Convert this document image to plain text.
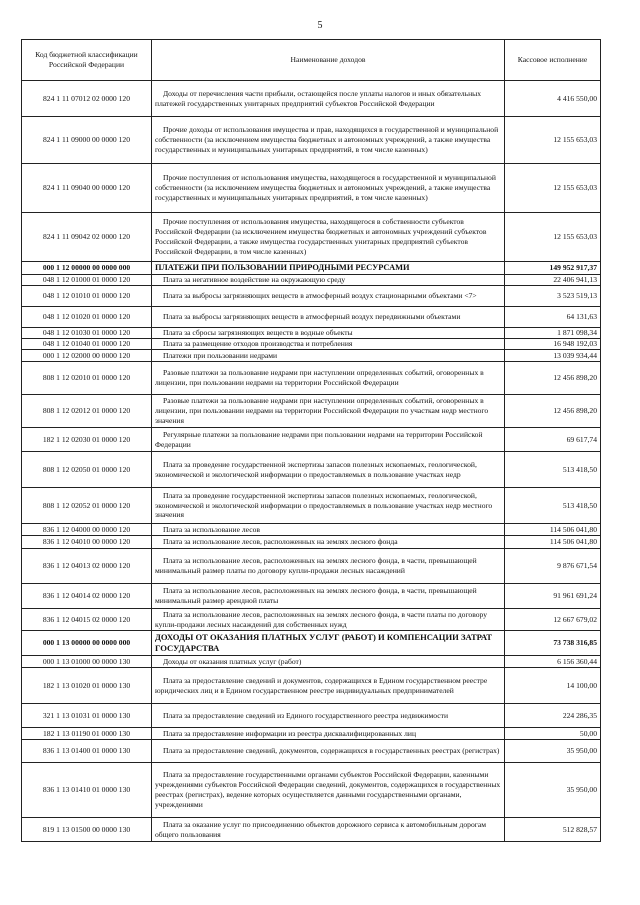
5
Код бюджетной классификации Российской Федерации	Наименование доходов	Кассовое исполнение
824 1 11 07012 02 0000 120	Доходы от перечисления части прибыли, остающейся после уплаты налогов и иных обязательных платежей государственных унитарных предприятий субъектов Российской Федерации	4 416 550,00
824 1 11 09000 00 0000 120	Прочие доходы от использования имущества и прав, находящихся в государственной и муниципальной собственности (за исключением имущества бюджетных и автономных учреждений, а также имущества государственных и муниципальных унитарных предприятий, в том числе казенных)	12 155 653,03
824 1 11 09040 00 0000 120	Прочие поступления от использования имущества, находящегося в государственной и муниципальной собственности (за исключением имущества бюджетных и автономных учреждений, а также имущества государственных и муниципальных унитарных предприятий, в том числе казенных)	12 155 653,03
824 1 11 09042 02 0000 120	Прочие поступления от использования имущества, находящегося в собственности субъектов Российской Федерации (за исключением имущества бюджетных и автономных учреждений субъектов Российской Федерации, а также имущества государственных унитарных предприятий субъектов Российской Федерации, в том числе казенных)	12 155 653,03
000 1 12 00000 00 0000 000	ПЛАТЕЖИ ПРИ ПОЛЬЗОВАНИИ ПРИРОДНЫМИ РЕСУРСАМИ	149 952 917,37
048 1 12 01000 01 0000 120	Плата за негативное воздействие на окружающую среду	22 406 941,13
048 1 12 01010 01 0000 120	Плата за выбросы загрязняющих веществ в атмосферный воздух стационарными объектами <7>	3 523 519,13
048 1 12 01020 01 0000 120	Плата за выбросы загрязняющих веществ в атмосферный воздух передвижными объектами	64 131,63
048 1 12 01030 01 0000 120	Плата за сбросы загрязняющих веществ в водные объекты	1 871 098,34
048 1 12 01040 01 0000 120	Плата за размещение отходов производства и потребления	16 948 192,03
000 1 12 02000 00 0000 120	Платежи при пользовании недрами	13 039 934,44
808 1 12 02010 01 0000 120	Разовые платежи за пользование недрами при наступлении определенных событий, оговоренных в лицензии, при пользовании недрами на территории Российской Федерации	12 456 898,20
808 1 12 02012 01 0000 120	Разовые платежи за пользование недрами при наступлении определенных событий, оговоренных в лицензии, при пользовании недрами на территории Российской Федерации по участкам недр местного значения	12 456 898,20
182 1 12 02030 01 0000 120	Регулярные платежи за пользование недрами при пользовании недрами на территории Российской Федерации	69 617,74
808 1 12 02050 01 0000 120	Плата за проведение государственной экспертизы запасов полезных ископаемых, геологической, экономической и экологической информации о предоставляемых в пользование участках недр	513 418,50
808 1 12 02052 01 0000 120	Плата за проведение государственной экспертизы запасов полезных ископаемых, геологической, экономической и экологической информации о предоставляемых в пользование участках недр местного значения	513 418,50
836 1 12 04000 00 0000 120	Плата за использование лесов	114 506 041,80
836 1 12 04010 00 0000 120	Плата за использование лесов, расположенных на землях лесного фонда	114 506 041,80
836 1 12 04013 02 0000 120	Плата за использование лесов, расположенных на землях лесного фонда, в части, превышающей минимальный размер платы по договору купли-продажи лесных насаждений	9 876 671,54
836 1 12 04014 02 0000 120	Плата за использование лесов, расположенных на землях лесного фонда, в части, превышающей минимальный размер арендной платы	91 961 691,24
836 1 12 04015 02 0000 120	Плата за использование лесов, расположенных на землях лесного фонда, в части платы по договору купли-продажи лесных насаждений для собственных нужд	12 667 679,02
000 1 13 00000 00 0000 000	ДОХОДЫ ОТ ОКАЗАНИЯ ПЛАТНЫХ УСЛУГ (РАБОТ) И КОМПЕНСАЦИИ ЗАТРАТ ГОСУДАРСТВА	73 738 316,85
000 1 13 01000 00 0000 130	Доходы от оказания платных услуг (работ)	6 156 360,44
182 1 13 01020 01 0000 130	Плата за предоставление сведений и документов, содержащихся в Едином государственном реестре юридических лиц и в Едином государственном реестре индивидуальных предпринимателей	14 100,00
321 1 13 01031 01 0000 130	Плата за предоставление сведений из Единого государственного реестра недвижимости	224 286,35
182 1 13 01190 01 0000 130	Плата за предоставление информации из реестра дисквалифицированных лиц	50,00
836 1 13 01400 01 0000 130	Плата за предоставление сведений, документов, содержащихся в государственных реестрах (регистрах)	35 950,00
836 1 13 01410 01 0000 130	Плата за предоставление государственными органами субъектов Российской Федерации, казенными учреждениями субъектов Российской Федерации сведений, документов, содержащихся в государственных реестрах (регистрах), ведение которых осуществляется данными государственными органами, учреждениями	35 950,00
819 1 13 01500 00 0000 130	Плата за оказание услуг по присоединению объектов дорожного сервиса к автомобильным дорогам общего пользования	512 828,57
